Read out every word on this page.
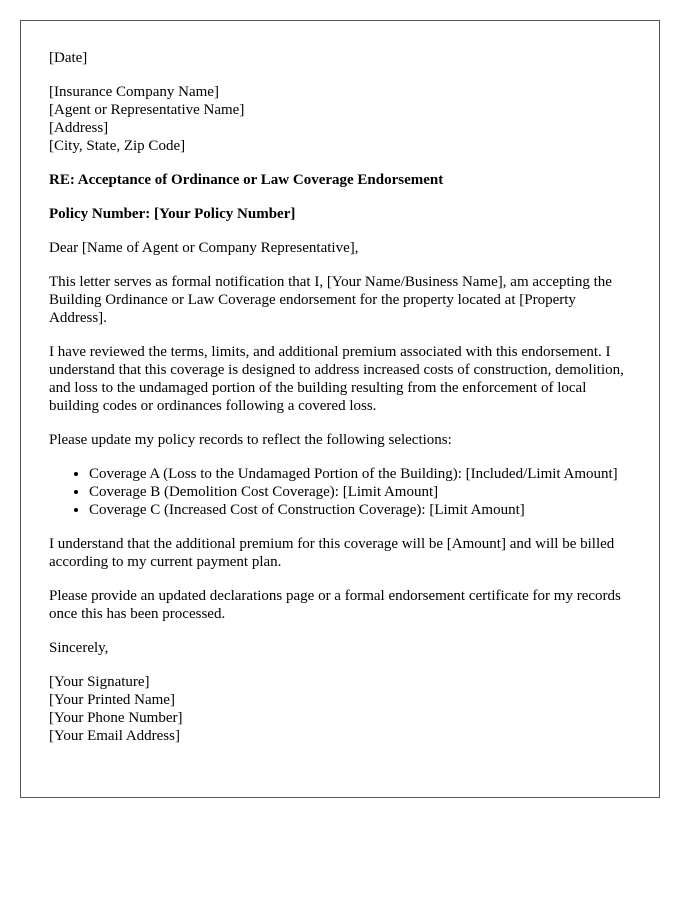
[Date]

[Insurance Company Name]
[Agent or Representative Name]
[Address]
[City, State, Zip Code]

RE: Acceptance of Ordinance or Law Coverage Endorsement

Policy Number: [Your Policy Number]

Dear [Name of Agent or Company Representative],

This letter serves as formal notification that I, [Your Name/Business Name], am accepting the Building Ordinance or Law Coverage endorsement for the property located at [Property Address].

I have reviewed the terms, limits, and additional premium associated with this endorsement. I understand that this coverage is designed to address increased costs of construction, demolition, and loss to the undamaged portion of the building resulting from the enforcement of local building codes or ordinances following a covered loss.

Please update my policy records to reflect the following selections:

• Coverage A (Loss to the Undamaged Portion of the Building): [Included/Limit Amount]
• Coverage B (Demolition Cost Coverage): [Limit Amount]
• Coverage C (Increased Cost of Construction Coverage): [Limit Amount]

I understand that the additional premium for this coverage will be [Amount] and will be billed according to my current payment plan.

Please provide an updated declarations page or a formal endorsement certificate for my records once this has been processed.

Sincerely,

[Your Signature]
[Your Printed Name]
[Your Phone Number]
[Your Email Address]
